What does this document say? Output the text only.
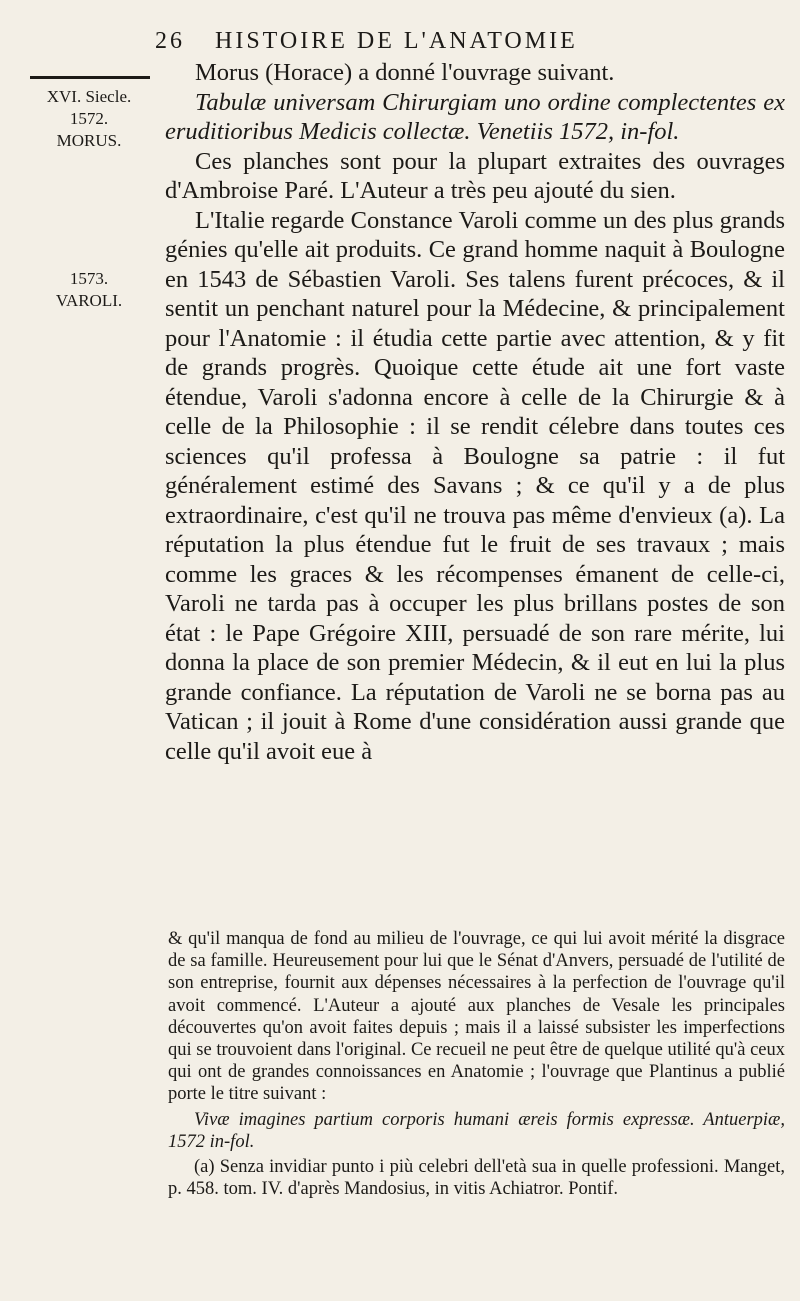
26 HISTOIRE DE L'ANATOMIE
XVI. Siecle.
1572.
MORUS.
1573.
VAROLI.

Morus (Horace) a donné l'ouvrage suivant.

Tabulæ universam Chirurgiam uno ordine complectentes ex eruditioribus Medicis collectæ. Venetiis 1572, in-fol.

Ces planches sont pour la plupart extraites des ouvrages d'Ambroise Paré. L'Auteur a très peu ajouté du sien.

L'Italie regarde Constance Varoli comme un des plus grands génies qu'elle ait produits. Ce grand homme naquit à Boulogne en 1543 de Sébastien Varoli. Ses talens furent précoces, & il sentit un penchant naturel pour la Médecine, & principalement pour l'Anatomie : il étudia cette partie avec attention, & y fit de grands progrès. Quoique cette étude ait une fort vaste étendue, Varoli s'adonna encore à celle de la Chirurgie & à celle de la Philosophie : il se rendit célebre dans toutes ces sciences qu'il professa à Boulogne sa patrie : il fut généralement estimé des Savans ; & ce qu'il y a de plus extraordinaire, c'est qu'il ne trouva pas même d'envieux (a). La réputation la plus étendue fut le fruit de ses travaux ; mais comme les graces & les récompenses émanent de celle-ci, Varoli ne tarda pas à occuper les plus brillans postes de son état : le Pape Grégoire XIII, persuadé de son rare mérite, lui donna la place de son premier Médecin, & il eut en lui la plus grande confiance. La réputation de Varoli ne se borna pas au Vatican ; il jouit à Rome d'une considération aussi grande que celle qu'il avoit eue à

& qu'il manqua de fond au milieu de l'ouvrage, ce qui lui avoit mérité la disgrace de sa famille. Heureusement pour lui que le Sénat d'Anvers, persuadé de l'utilité de son entreprise, fournit aux dépenses nécessaires à la perfection de l'ouvrage qu'il avoit commencé. L'Auteur a ajouté aux planches de Vesale les principales découvertes qu'on avoit faites depuis ; mais il a laissé subsister les imperfections qui se trouvoient dans l'original. Ce recueil ne peut être de quelque utilité qu'à ceux qui ont de grandes connoissances en Anatomie ; l'ouvrage que Plantinus a publié porte le titre suivant :

Vivæ imagines partium corporis humani æreis formis expressæ. Antuerpiæ, 1572 in-fol.

(a) Senza invidiar punto i più celebri dell'età sua in quelle professioni. Manget, p. 458. tom. IV. d'après Mandosius, in vitis Achiatror. Pontif.
